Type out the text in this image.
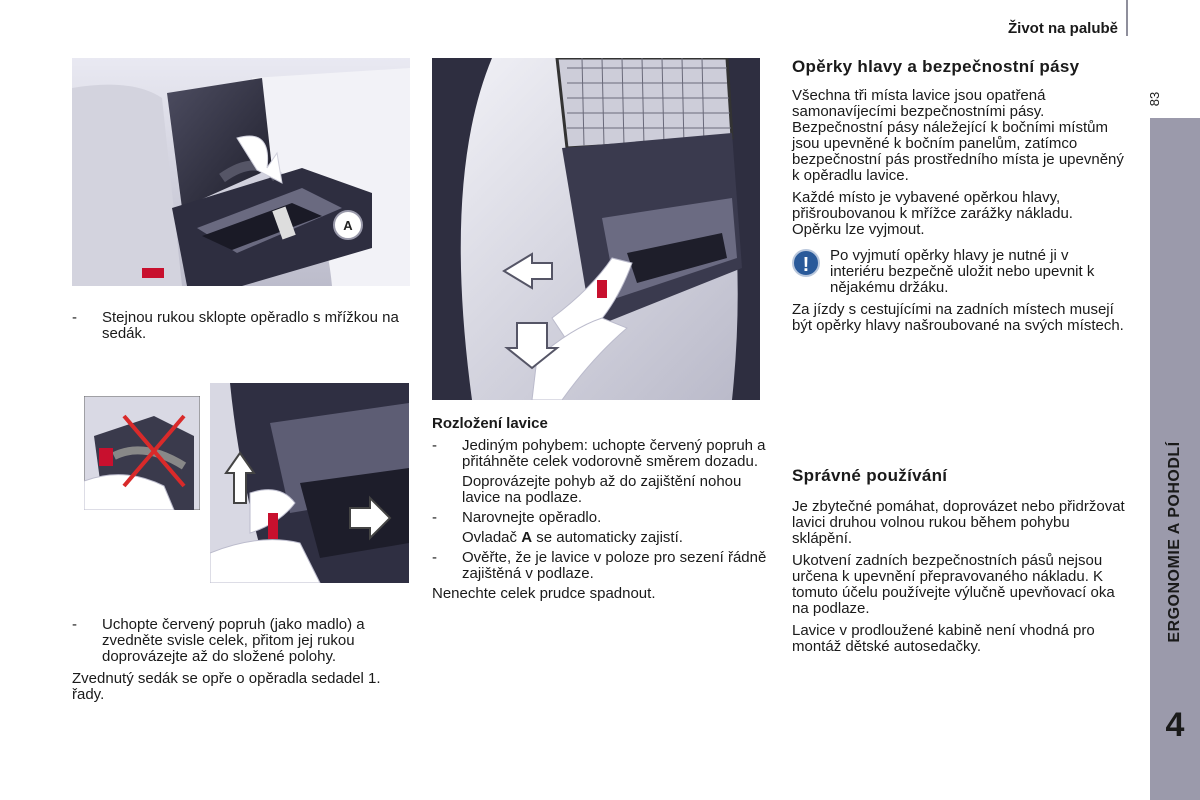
Život na palubě
83
ERGONOMIE A POHODLÍ
4
A
- Stejnou rukou sklopte opěradlo s mřížkou na sedák.

- Uchopte červený popruh (jako madlo) a zvedněte svisle celek, přitom jej rukou doprovázejte až do složené polohy.

Zvednutý sedák se opře o opěradla sedadel 1. řady.

Rozložení lavice

- Jediným pohybem: uchopte červený popruh a přitáhněte celek vodorovně směrem dozadu.

Doprovázejte pohyb až do zajištění nohou lavice na podlaze.

- Narovnejte opěradlo.

Ovladač A se automaticky zajistí.

- Ověřte, že je lavice v poloze pro sezení řádně zajištěná v podlaze.

Nenechte celek prudce spadnout.

Opěrky hlavy a bezpečnostní pásy

Všechna tři místa lavice jsou opatřená samonavíjecími bezpečnostními pásy. Bezpečnostní pásy náležející k bočními místům jsou upevněné k bočním panelům, zatímco bezpečnostní pás prostředního místa je upevněný k opěradlu lavice.

Každé místo je vybavené opěrkou hlavy, přišroubovanou k mřížce zarážky nákladu. Opěrku lze vyjmout.

!	Po vyjmutí opěrky hlavy je nutné ji v interiéru bezpečně uložit nebo upevnit k nějakému držáku.

Za jízdy s cestujícími na zadních místech musejí být opěrky hlavy našroubované na svých místech.

Správné používání

Je zbytečné pomáhat, doprovázet nebo přidržovat lavici druhou volnou rukou během pohybu sklápění.

Ukotvení zadních bezpečnostních pásů nejsou určena k upevnění přepravovaného nákladu. K tomuto účelu používejte výlučně upevňovací oka na podlaze.

Lavice v prodloužené kabině není vhodná pro montáž dětské autosedačky.
